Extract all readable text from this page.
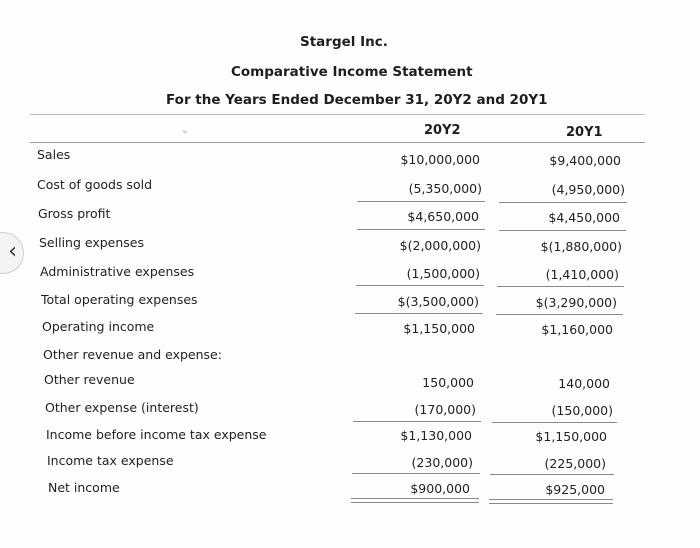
Stargel Inc.
Comparative Income Statement
For the Years Ended December 31, 20Y2 and 20Y1
⌄	20Y2	20Y1
Sales
Cost of goods sold
Gross profit
Selling expenses
Administrative expenses
Total operating expenses
Operating income
Other revenue and expense:
Other revenue
Other expense (interest)
Income before income tax expense
Income tax expense
Net income
$10,000,000
(5,350,000)
$4,650,000
$(2,000,000)
(1,500,000)
$(3,500,000)
$1,150,000
150,000
(170,000)
$1,130,000
(230,000)
$900,000
$9,400,000
(4,950,000)
$4,450,000
$(1,880,000)
(1,410,000)
$(3,290,000)
$1,160,000
140,000
(150,000)
$1,150,000
(225,000)
$925,000
‹
